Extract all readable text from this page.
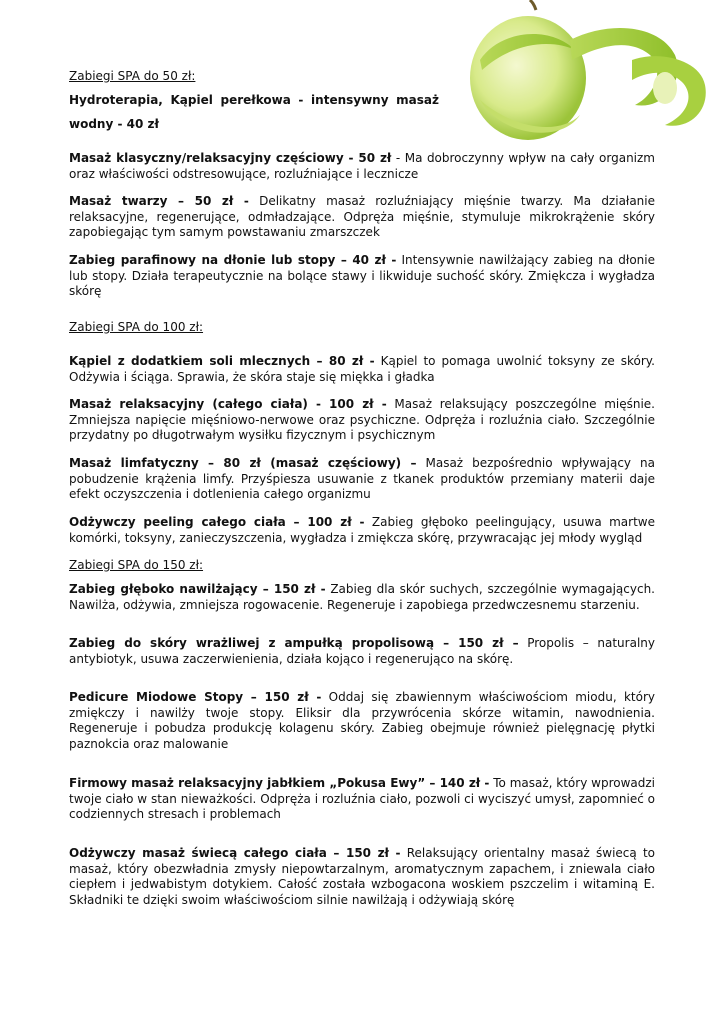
Zabiegi SPA do 50 zł:
Hydroterapia, Kąpiel perełkowa - intensywny masaż wodny - 40 zł

Masaż klasyczny/relaksacyjny częściowy - 50 zł - Ma dobroczynny wpływ na cały organizm oraz właściwości odstresowujące, rozluźniające i lecznicze

Masaż twarzy – 50 zł - Delikatny masaż rozluźniający mięśnie twarzy. Ma działanie relaksacyjne, regenerujące, odmładzające. Odpręża mięśnie, stymuluje mikrokrążenie skóry zapobiegając tym samym powstawaniu zmarszczek

Zabieg parafinowy na dłonie lub stopy – 40 zł - Intensywnie nawilżający zabieg na dłonie lub stopy. Działa terapeutycznie na bolące stawy i likwiduje suchość skóry. Zmiękcza i wygładza skórę

Zabiegi SPA do 100 zł:

Kąpiel z dodatkiem soli mlecznych – 80 zł - Kąpiel to pomaga uwolnić toksyny ze skóry. Odżywia i ściąga. Sprawia, że skóra staje się miękka i gładka

Masaż relaksacyjny (całego ciała) - 100 zł - Masaż relaksujący poszczególne mięśnie. Zmniejsza napięcie mięśniowo-nerwowe oraz psychiczne. Odpręża i rozluźnia ciało. Szczególnie przydatny po długotrwałym wysiłku fizycznym i psychicznym

Masaż limfatyczny – 80 zł (masaż częściowy) – Masaż bezpośrednio wpływający na pobudzenie krążenia limfy. Przyśpiesza usuwanie z tkanek produktów przemiany materii daje efekt oczyszczenia i dotlenienia całego organizmu

Odżywczy peeling całego ciała – 100 zł - Zabieg głęboko peelingujący, usuwa martwe komórki, toksyny, zanieczyszczenia, wygładza i zmiękcza skórę, przywracając jej młody wygląd

Zabiegi SPA do 150 zł:

Zabieg głęboko nawilżający – 150 zł - Zabieg dla skór suchych, szczególnie wymagających. Nawilża, odżywia, zmniejsza rogowacenie. Regeneruje i zapobiega przedwczesnemu starzeniu.

Zabieg do skóry wrażliwej z ampułką propolisową – 150 zł – Propolis – naturalny antybiotyk, usuwa zaczerwienienia, działa kojąco i regenerująco na skórę.

Pedicure Miodowe Stopy – 150 zł - Oddaj się zbawiennym właściwościom miodu, który zmiękczy i nawilży twoje stopy. Eliksir dla przywrócenia skórze witamin, nawodnienia. Regeneruje i pobudza produkcję kolagenu skóry. Zabieg obejmuje również pielęgnację płytki paznokcia oraz malowanie

Firmowy masaż relaksacyjny jabłkiem „Pokusa Ewy” – 140 zł - To masaż, który wprowadzi twoje ciało w stan nieważkości. Odpręża i rozluźnia ciało, pozwoli ci wyciszyć umysł, zapomnieć o codziennych stresach i problemach

Odżywczy masaż świecą całego ciała – 150 zł - Relaksujący orientalny masaż świecą to masaż, który obezwładnia zmysły niepowtarzalnym, aromatycznym zapachem, i zniewala ciało ciepłem i jedwabistym dotykiem. Całość została wzbogacona woskiem pszczelim i witaminą E. Składniki te dzięki swoim właściwościom silnie nawilżają i odżywiają skórę
